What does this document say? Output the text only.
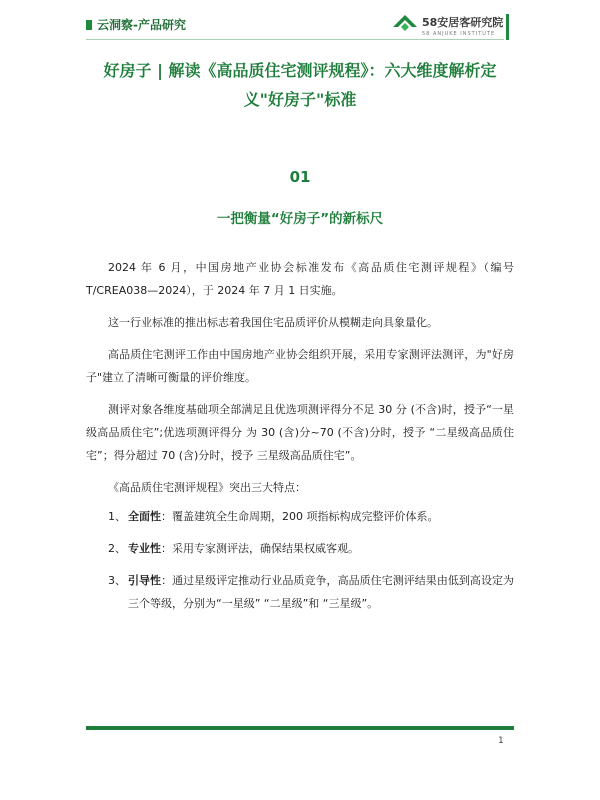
云洞察-产品研究	58安居客研究院
58 ANJUKE INSTITUTE
好房子 | 解读《高品质住宅测评规程》：六大维度解析定义"好房子"标准
01
一把衡量“好房子”的新标尺

2024 年 6 月，中国房地产业协会标准发布《高品质住宅测评规程》（编号 T/CREA038—2024），于 2024 年 7 月 1 日实施。

这一行业标准的推出标志着我国住宅品质评价从模糊走向具象量化。

高品质住宅测评工作由中国房地产业协会组织开展，采用专家测评法测评，为"好房子"建立了清晰可衡量的评价维度。

测评对象各维度基础项全部满足且优选项测评得分不足 30 分 (不含)时，授予“一星级高品质住宅”;优选项测评得分 为 30 (含)分~70 (不含)分时，授予 “二星级高品质住宅”；得分超过 70 (含)分时，授予 三星级高品质住宅”。

《高品质住宅测评规程》突出三大特点：

1、 全面性：覆盖建筑全生命周期，200 项指标构成完整评价体系。
2、 专业性：采用专家测评法，确保结果权威客观。
3、 引导性：通过星级评定推动行业品质竞争，高品质住宅测评结果由低到高设定为三个等级，分别为“一星级” “二星级”和 “三星级”。
1
